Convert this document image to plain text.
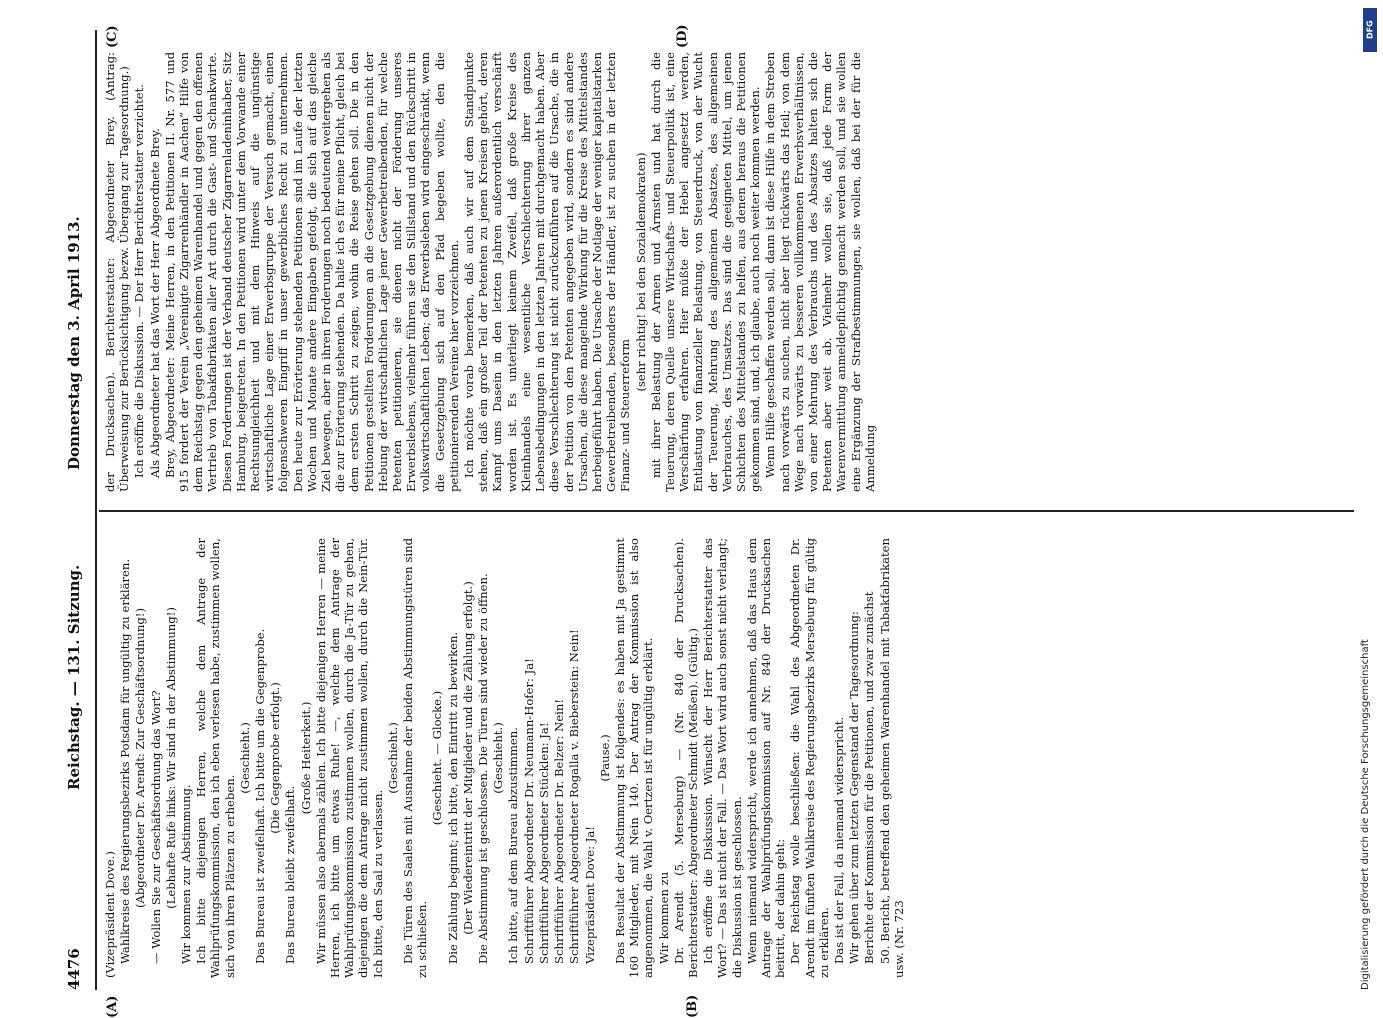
4476
Reichstag. — 131. Sitzung.
Donnerstag den 3. April 1913.
(A)	(B)
(C)	(D)

(Vizepräsident Dove.) Wahlkreise des Regierungsbezirks Potsdam für ungültig zu erklären. (Abgeordneter Dr. Arendt: Zur Geschäftsordnung!) — Wollen Sie zur Geschäftsordnung das Wort? (Lebhafte Rufe links: Wir sind in der Abstimmung!) Wir kommen zur Abstimmung. Ich bitte diejenigen Herren, welche dem Antrage der Wahlprüfungskommission, den ich eben verlesen habe, zustimmen wollen, sich von ihren Plätzen zu erheben.

(Geschieht.) Das Bureau ist zweifelhaft. Ich bitte um die Gegenprobe. (Die Gegenprobe erfolgt.)

Das Bureau bleibt zweifelhaft.

(Große Heiterkeit.) Wir müssen also abermals zählen. Ich bitte diejenigen Herren — meine Herren, ich bitte um etwas Ruhe! —, welche dem Antrage der Wahlprüfungskommission zustimmen wollen, durch die Ja-Tür zu gehen, diejenigen die dem Antrage nicht zustimmen wollen, durch die Nein-Tür. Ich bitte, den Saal zu verlassen.

(Geschieht.) Die Türen des Saales mit Ausnahme der beiden Abstimmungstüren sind zu schließen.

(Geschieht. — Glocke.) Die Zählung beginnt; ich bitte, den Eintritt zu bewirken. (Der Wiedereintritt der Mitglieder und die Zählung erfolgt.) Die Abstimmung ist geschlossen. Die Türen sind wieder zu öffnen. (Geschieht.) Ich bitte, auf dem Bureau abzustimmen. Schriftführer Abgeordneter Dr. Neumann-Hofer: Ja! Schriftführer Abgeordneter Stücklen: Ja! Schriftführer Abgeordneter Dr. Belzer: Nein! Schriftführer Abgeordneter Rogalla v. Bieberstein: Nein! Vizepräsident Dove: Ja!

(Pause.) Das Resultat der Abstimmung ist folgendes: es haben mit Ja gestimmt 160 Mitglieder, mit Nein 140. Der Antrag der Kommission ist also angenommen, die Wahl v. Oertzen ist für ungültig erklärt. Wir kommen zu Dr. Arendt (5. Merseburg) — (Nr. 840 der Drucksachen). Berichterstatter: Abgeordneter Schmidt (Meißen). (Gültig.) Ich eröffne die Diskussion. Wünscht der Herr Berichterstatter das Wort? — Das ist nicht der Fall. — Das Wort wird auch sonst nicht verlangt; die Diskussion ist geschlossen. Wenn niemand widerspricht, werde ich annehmen, daß das Haus dem Antrage der Wahlprüfungskommission auf Nr. 840 der Drucksachen beitritt, der dahin geht: Der Reichstag wolle beschließen: die Wahl des Abgeordneten Dr. Arendt im fünften Wahlkreise des Regierungsbezirks Merseburg für gültig zu erklären. Das ist der Fall, da niemand widerspricht. Wir gehen über zum letzten Gegenstand der Tagesordnung: Berichte der Kommission für die Petitionen, und zwar zunächst 50. Bericht, betreffend den geheimen Warenhandel mit Tabakfabrikaten usw. (Nr. 723

der Drucksachen). Berichterstatter: Abgeordneter Brey. (Antrag: Überweisung zur Berücksichtigung bezw. Übergang zur Tagesordnung.) Ich eröffne die Diskussion. — Der Herr Berichterstatter verzichtet. Als Abgeordneter hat das Wort der Herr Abgeordnete Brey. Brey, Abgeordneter: Meine Herren, in den Petitionen II. Nr. 577 und 915 fordert der Verein „Vereinigte Zigarrenhändler in Aachen“ Hilfe von dem Reichstag gegen den geheimen Warenhandel und gegen den offenen Vertrieb von Tabakfabrikaten aller Art durch die Gast- und Schankwirte. Diesen Forderungen ist der Verband deutscher Zigarrenladeninhaber, Sitz Hamburg, beigetreten. In den Petitionen wird unter dem Vorwande einer Rechtsungleichheit und mit dem Hinweis auf die ungünstige wirtschaftliche Lage einer Erwerbsgruppe der Versuch gemacht, einen folgenschweren Eingriff in unser gewerbliches Recht zu unternehmen. Den heute zur Erörterung stehenden Petitionen sind im Laufe der letzten Wochen und Monate andere Eingaben gefolgt, die sich auf das gleiche Ziel bewegen, aber in ihren Forderungen noch bedeutend weitergehen als die zur Erörterung stehenden. Da halte ich es für meine Pflicht, gleich bei dem ersten Schritt zu zeigen, wohin die Reise gehen soll. Die in den Petitionen gestellten Forderungen an die Gesetzgebung dienen nicht der Hebung der wirtschaftlichen Lage jener Gewerbetreibenden, für welche Petenten petitionieren, sie dienen nicht der Förderung unseres Erwerbslebens, vielmehr führen sie den Stillstand und den Rückschritt in volkswirtschaftlichen Leben; das Erwerbsleben wird eingeschränkt, wenn die Gesetzgebung sich auf den Pfad begeben wollte, den die petitionierenden Vereine hier vorzeichnen. Ich möchte vorab bemerken, daß auch wir auf dem Standpunkte stehen, daß ein großer Teil der Petenten zu jenen Kreisen gehört, deren Kampf ums Dasein in den letzten Jahren außerordentlich verschärft worden ist. Es unterliegt keinem Zweifel, daß große Kreise des Kleinhandels eine wesentliche Verschlechterung ihrer ganzen Lebensbedingungen in den letzten Jahren mit durchgemacht haben. Aber diese Verschlechterung ist nicht zurückzuführen auf die Ursache, die in der Petition von den Petenten angegeben wird, sondern es sind andere Ursachen, die diese mangelnde Wirkung für die Kreise des Mittelstandes herbeigeführt haben. Die Ursache der Notlage der weniger kapitalstarken Gewerbetreibenden, besonders der Händler, ist zu suchen in der letzten Finanz- und Steuerreform

(sehr richtig! bei den Sozialdemokraten) mit ihrer Belastung der Armen und Ärmsten und hat durch die Teuerung, deren Quelle unsere Wirtschafts- und Steuerpolitik ist, eine Verschärfung erfahren. Hier müßte der Hebel angesetzt werden, Entlastung von finanzieller Belastung, von Steuerdruck, von der Wucht der Teuerung, Mehrung des allgemeinen Absatzes, des allgemeinen Verbrauches, des Umsatzes. Das sind die geeigneten Mittel, um jenen Schichten des Mittelstandes zu helfen, aus denen heraus die Petitionen gekommen sind, und, ich glaube, auch noch weiter kommen werden. Wenn Hilfe geschaffen werden soll, dann ist diese Hilfe in dem Streben nach vorwärts zu suchen, nicht aber liegt rückwärts das Heil; von dem Wege nach vorwärts zu besseren vollkommenen Erwerbsverhältnissen, von einer Mehrung des Verbrauchs und des Absatzes halten sich die Petenten aber weit ab. Vielmehr wollen sie, daß jede Form der Warenvermittlung anmeldepflichtig gemacht werden soll, und sie wollen eine Ergänzung der Strafbestimmungen, sie wollen, daß bei der für die Anmeldung

DFG
Digitalisierung gefördert durch die Deutsche Forschungsgemeinschaft
